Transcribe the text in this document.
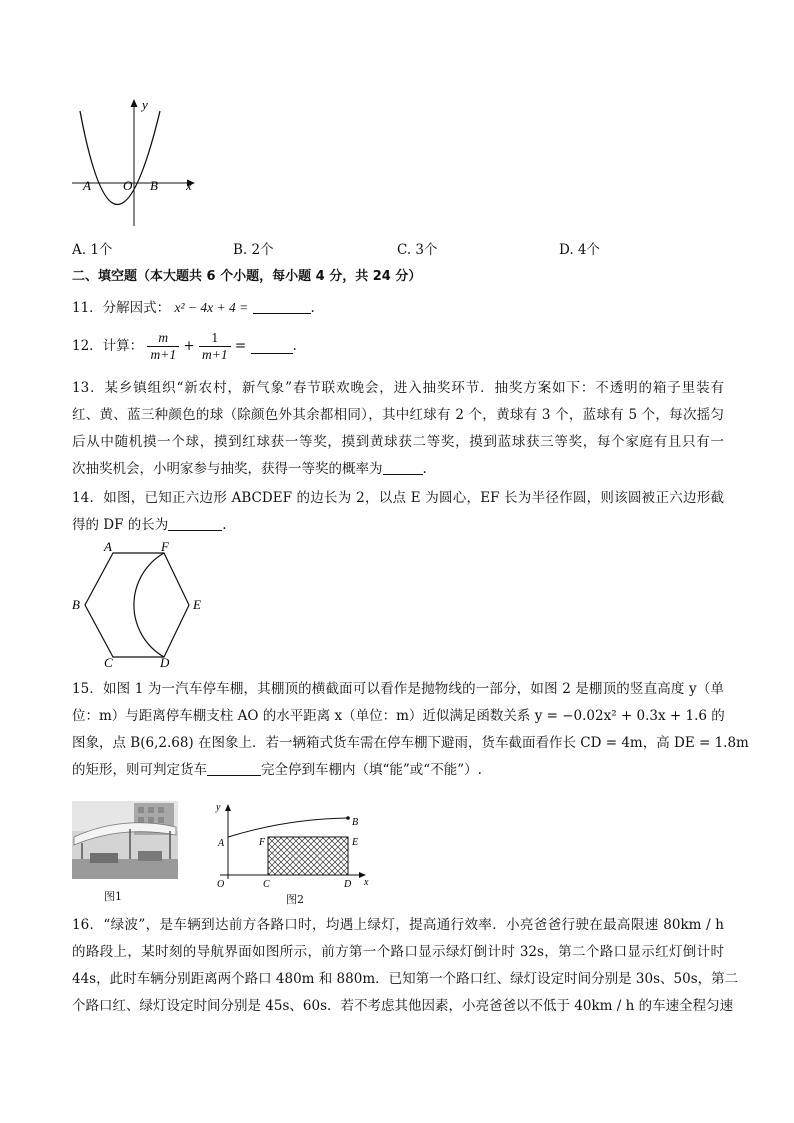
y
x
A O B
A. 1个	B. 2个	C. 3个	D. 4个
二、填空题（本大题共 6 个小题，每小题 4 分，共 24 分）
11．分解因式： x² − 4x + 4 =	.
12．计算： $\frac{m}{m+1} + \frac{1}{m+1}$ =	.
13．某乡镇组织“新农村，新气象”春节联欢晚会，进入抽奖环节．抽奖方案如下：不透明的箱子里装有
红、黄、蓝三种颜色的球（除颜色外其余都相同），其中红球有 2 个，黄球有 3 个，蓝球有 5 个，每次摇匀
后从中随机摸一个球，摸到红球获一等奖，摸到黄球获二等奖，摸到蓝球获三等奖，每个家庭有且只有一
次抽奖机会，小明家参与抽奖，获得一等奖的概率为	.
14．如图，已知正六边形 ABCDEF 的边长为 2，以点 E 为圆心，EF 长为半径作圆，则该圆被正六边形截
得的 DF 的长为	.
A	F
B	E
C	D
15．如图 1 为一汽车停车棚，其棚顶的横截面可以看作是抛物线的一部分，如图 2 是棚顶的竖直高度 y（单
位：m）与距离停车棚支柱 AO 的水平距离 x（单位：m）近似满足函数关系 y = −0.02x² + 0.3x + 1.6 的
图象，点 B(6,2.68) 在图象上．若一辆箱式货车需在停车棚下避雨，货车截面看作长 CD = 4m，高 DE = 1.8m
的矩形，则可判定货车	完全停到车棚内（填“能”或“不能”）.
图1
y
x
A
B
F	E
O	C	D
图2
16．“绿波”，是车辆到达前方各路口时，均遇上绿灯，提高通行效率．小亮爸爸行驶在最高限速 80km / h
的路段上，某时刻的导航界面如图所示，前方第一个路口显示绿灯倒计时 32s，第二个路口显示红灯倒计时
44s，此时车辆分别距离两个路口 480m 和 880m．已知第一个路口红、绿灯设定时间分别是 30s、50s，第二
个路口红、绿灯设定时间分别是 45s、60s．若不考虑其他因素，小亮爸爸以不低于 40km / h 的车速全程匀速
